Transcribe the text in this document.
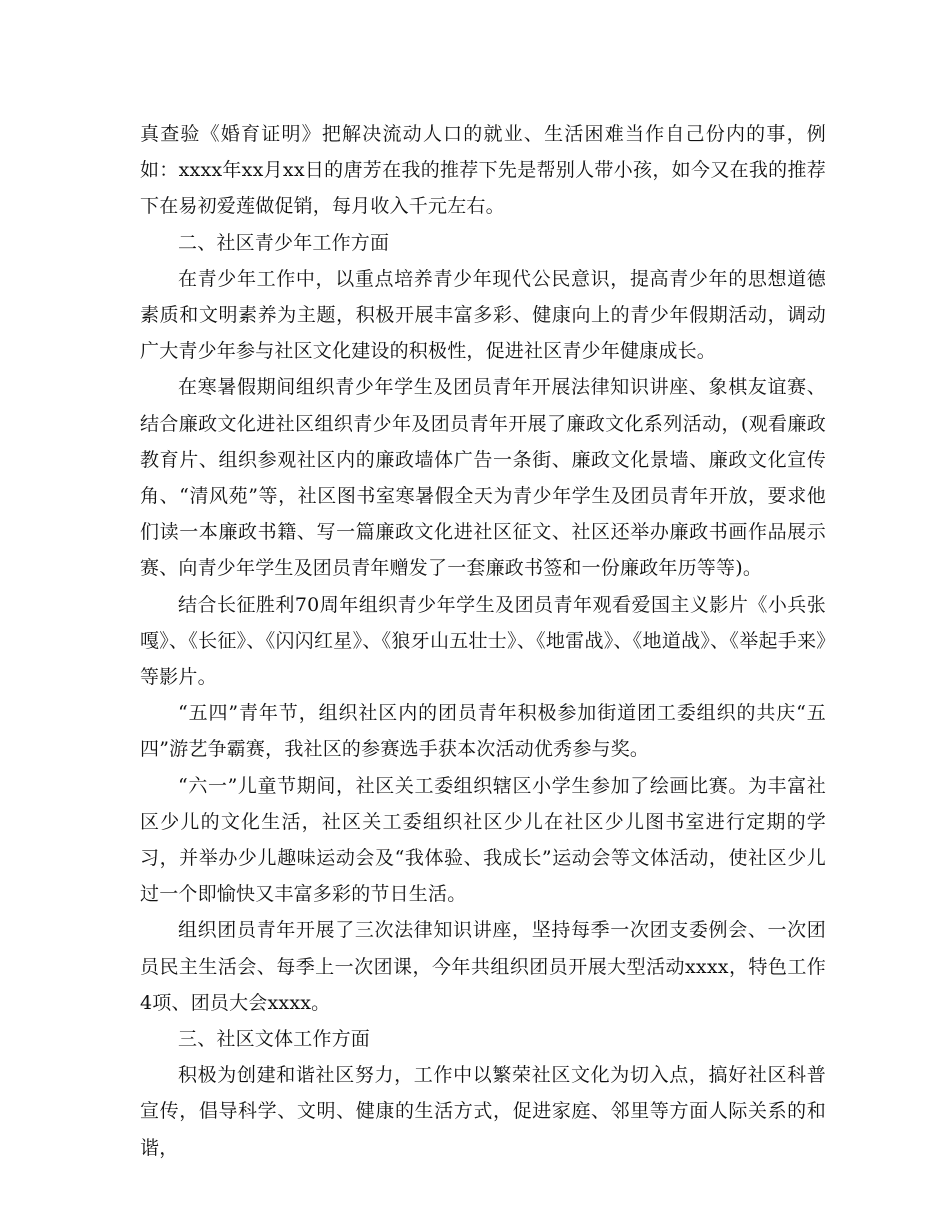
真查验《婚育证明》把解决流动人口的就业、生活困难当作自己份内的事，例如：xxxx年xx月xx日的唐芳在我的推荐下先是帮别人带小孩，如今又在我的推荐下在易初爱莲做促销，每月收入千元左右。

二、社区青少年工作方面

在青少年工作中，以重点培养青少年现代公民意识，提高青少年的思想道德素质和文明素养为主题，积极开展丰富多彩、健康向上的青少年假期活动，调动广大青少年参与社区文化建设的积极性，促进社区青少年健康成长。

在寒暑假期间组织青少年学生及团员青年开展法律知识讲座、象棋友谊赛、结合廉政文化进社区组织青少年及团员青年开展了廉政文化系列活动，(观看廉政教育片、组织参观社区内的廉政墙体广告一条街、廉政文化景墙、廉政文化宣传角、“清风苑”等，社区图书室寒暑假全天为青少年学生及团员青年开放，要求他们读一本廉政书籍、写一篇廉政文化进社区征文、社区还举办廉政书画作品展示赛、向青少年学生及团员青年赠发了一套廉政书签和一份廉政年历等等)。

结合长征胜利70周年组织青少年学生及团员青年观看爱国主义影片《小兵张嘎》、《长征》、《闪闪红星》、《狼牙山五壮士》、《地雷战》、《地道战》、《举起手来》等影片。

“五四”青年节，组织社区内的团员青年积极参加街道团工委组织的共庆“五四”游艺争霸赛，我社区的参赛选手获本次活动优秀参与奖。

“六一”儿童节期间，社区关工委组织辖区小学生参加了绘画比赛。为丰富社区少儿的文化生活，社区关工委组织社区少儿在社区少儿图书室进行定期的学习，并举办少儿趣味运动会及“我体验、我成长”运动会等文体活动，使社区少儿过一个即愉快又丰富多彩的节日生活。

组织团员青年开展了三次法律知识讲座，坚持每季一次团支委例会、一次团员民主生活会、每季上一次团课，今年共组织团员开展大型活动xxxx，特色工作4项、团员大会xxxx。

三、社区文体工作方面

积极为创建和谐社区努力，工作中以繁荣社区文化为切入点，搞好社区科普宣传，倡导科学、文明、健康的生活方式，促进家庭、邻里等方面人际关系的和谐，
